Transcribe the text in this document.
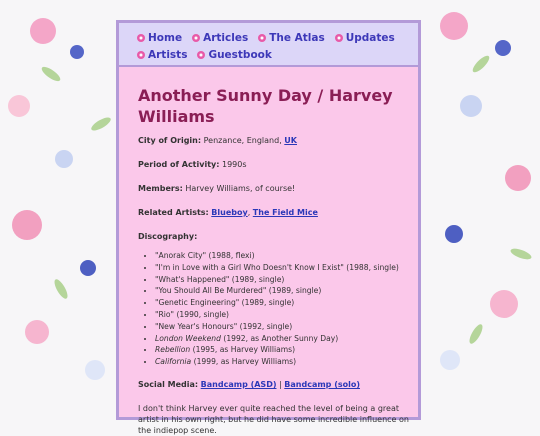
Home Articles The Atlas Updates
Artists Guestbook
Another Sunny Day / Harvey Williams

City of Origin: Penzance, England, UK

Period of Activity: 1990s

Members: Harvey Williams, of course!

Related Artists: Blueboy, The Field Mice

Discography:

• "Anorak City" (1988, flexi)
• "I'm in Love with a Girl Who Doesn't Know I Exist" (1988, single)
• "What's Happened" (1989, single)
• "You Should All Be Murdered" (1989, single)
• "Genetic Engineering" (1989, single)
• "Rio" (1990, single)
• "New Year's Honours" (1992, single)
• London Weekend (1992, as Another Sunny Day)
• Rebellion (1995, as Harvey Williams)
• California (1999, as Harvey Williams)

Social Media: Bandcamp (ASD) | Bandcamp (solo)

I don't think Harvey ever quite reached the level of being a great artist in his own right, but he did have some incredible influence on the indiepop scene.
